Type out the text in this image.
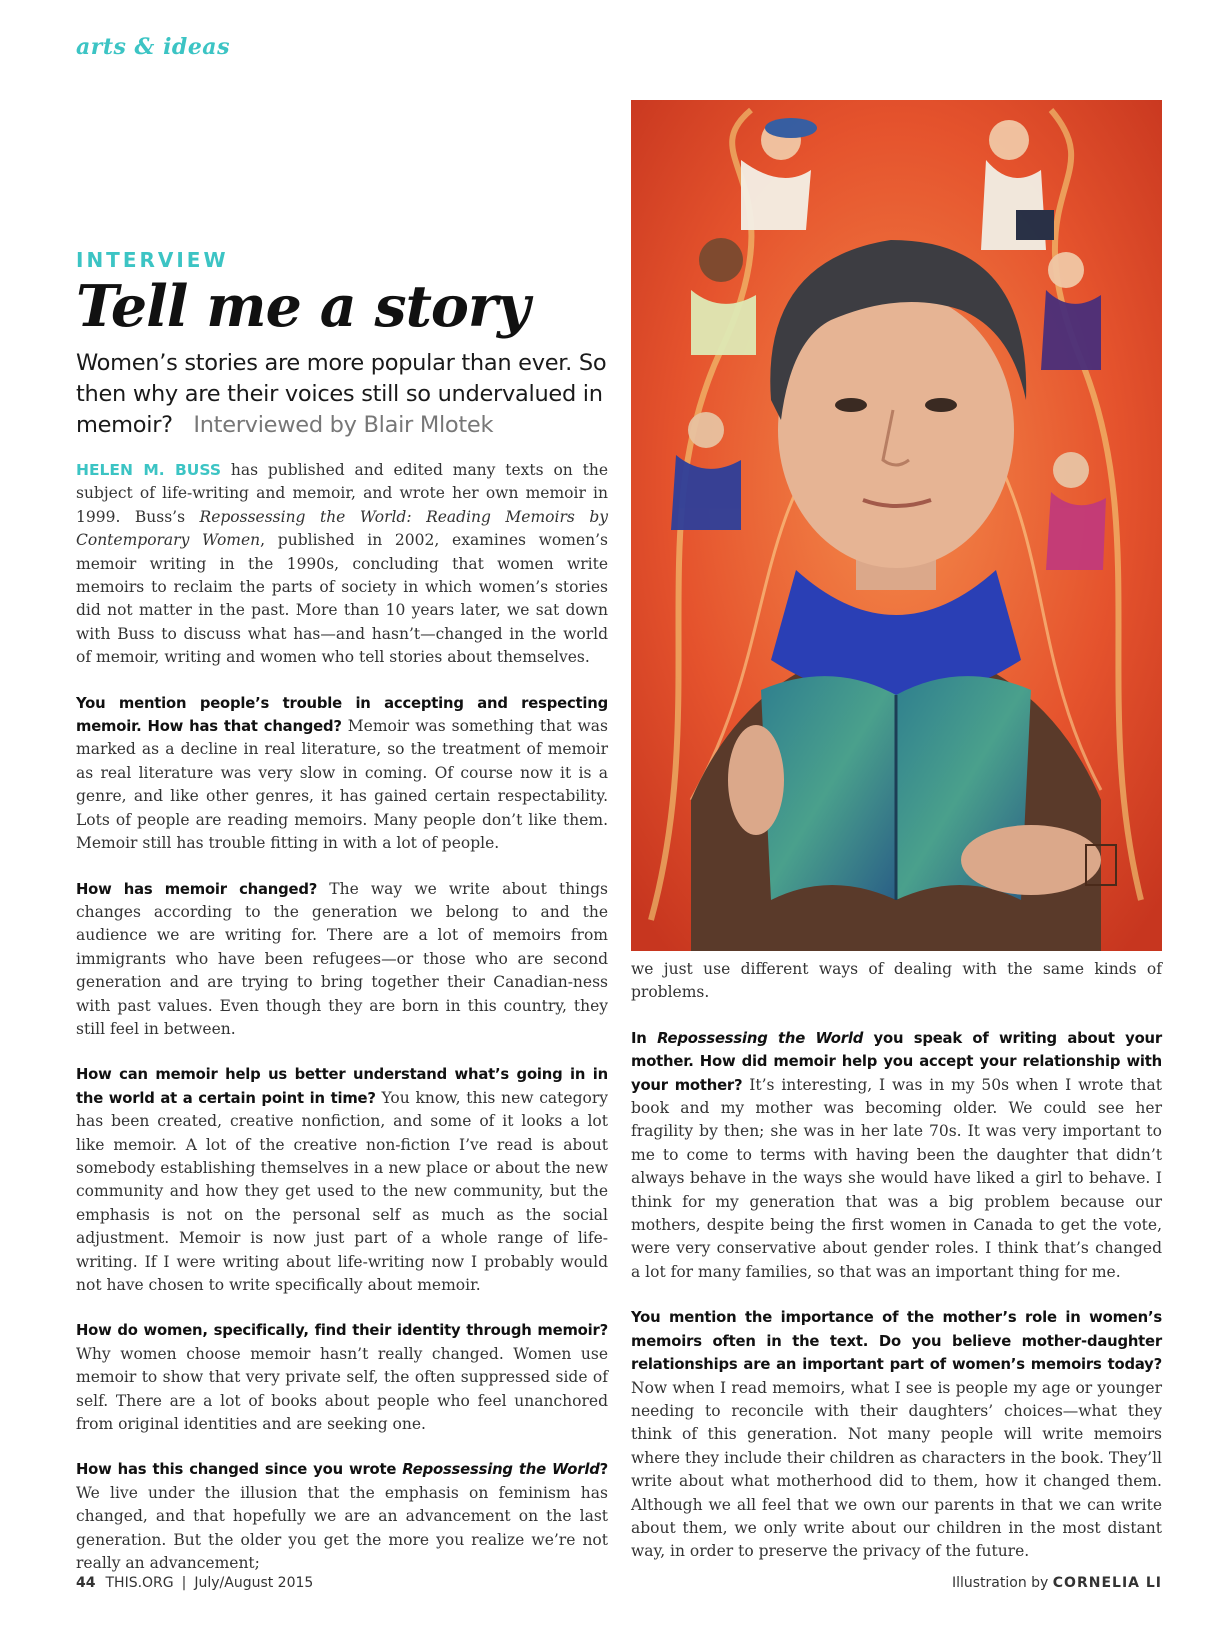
arts & ideas
INTERVIEW
Tell me a story
Women’s stories are more popular than ever. So then why are their voices still so undervalued in memoir? Interviewed by Blair Mlotek

HELEN M. BUSS has published and edited many texts on the subject of life-writing and memoir, and wrote her own memoir in 1999. Buss’s Repossessing the World: Reading Memoirs by Contemporary Women, published in 2002, examines women’s memoir writing in the 1990s, concluding that women write memoirs to reclaim the parts of society in which women’s stories did not matter in the past. More than 10 years later, we sat down with Buss to discuss what has—and hasn’t—changed in the world of memoir, writing and women who tell stories about themselves.

You mention people’s trouble in accepting and respecting memoir. How has that changed? Memoir was something that was marked as a decline in real literature, so the treatment of memoir as real literature was very slow in coming. Of course now it is a genre, and like other genres, it has gained certain respectability. Lots of people are reading memoirs. Many people don’t like them. Memoir still has trouble fitting in with a lot of people.

How has memoir changed? The way we write about things changes according to the generation we belong to and the audience we are writing for. There are a lot of memoirs from immigrants who have been refugees—or those who are second generation and are trying to bring together their Canadian-ness with past values. Even though they are born in this country, they still feel in between.

How can memoir help us better understand what’s going in in the world at a certain point in time? You know, this new category has been created, creative nonfiction, and some of it looks a lot like memoir. A lot of the creative non-fiction I’ve read is about somebody establishing themselves in a new place or about the new community and how they get used to the new community, but the emphasis is not on the personal self as much as the social adjustment. Memoir is now just part of a whole range of life-writing. If I were writing about life-writing now I probably would not have chosen to write specifically about memoir.

How do women, specifically, find their identity through memoir? Why women choose memoir hasn’t really changed. Women use memoir to show that very private self, the often suppressed side of self. There are a lot of books about people who feel unanchored from original identities and are seeking one.

How has this changed since you wrote Repossessing the World? We live under the illusion that the emphasis on feminism has changed, and that hopefully we are an advancement on the last generation. But the older you get the more you realize we’re not really an advancement;

we just use different ways of dealing with the same kinds of problems.

In Repossessing the World you speak of writing about your mother. How did memoir help you accept your relationship with your mother? It’s interesting, I was in my 50s when I wrote that book and my mother was becoming older. We could see her fragility by then; she was in her late 70s. It was very important to me to come to terms with having been the daughter that didn’t always behave in the ways she would have liked a girl to behave. I think for my generation that was a big problem because our mothers, despite being the first women in Canada to get the vote, were very conservative about gender roles. I think that’s changed a lot for many families, so that was an important thing for me.

You mention the importance of the mother’s role in women’s memoirs often in the text. Do you believe mother-daughter relationships are an important part of women’s memoirs today? Now when I read memoirs, what I see is people my age or younger needing to reconcile with their daughters’ choices—what they think of this generation. Not many people will write memoirs where they include their children as characters in the book. They’ll write about what motherhood did to them, how it changed them. Although we all feel that we own our parents in that we can write about them, we only write about our children in the most distant way, in order to preserve the privacy of the future.

44 THIS.ORG | July/August 2015	Illustration by CORNELIA LI
